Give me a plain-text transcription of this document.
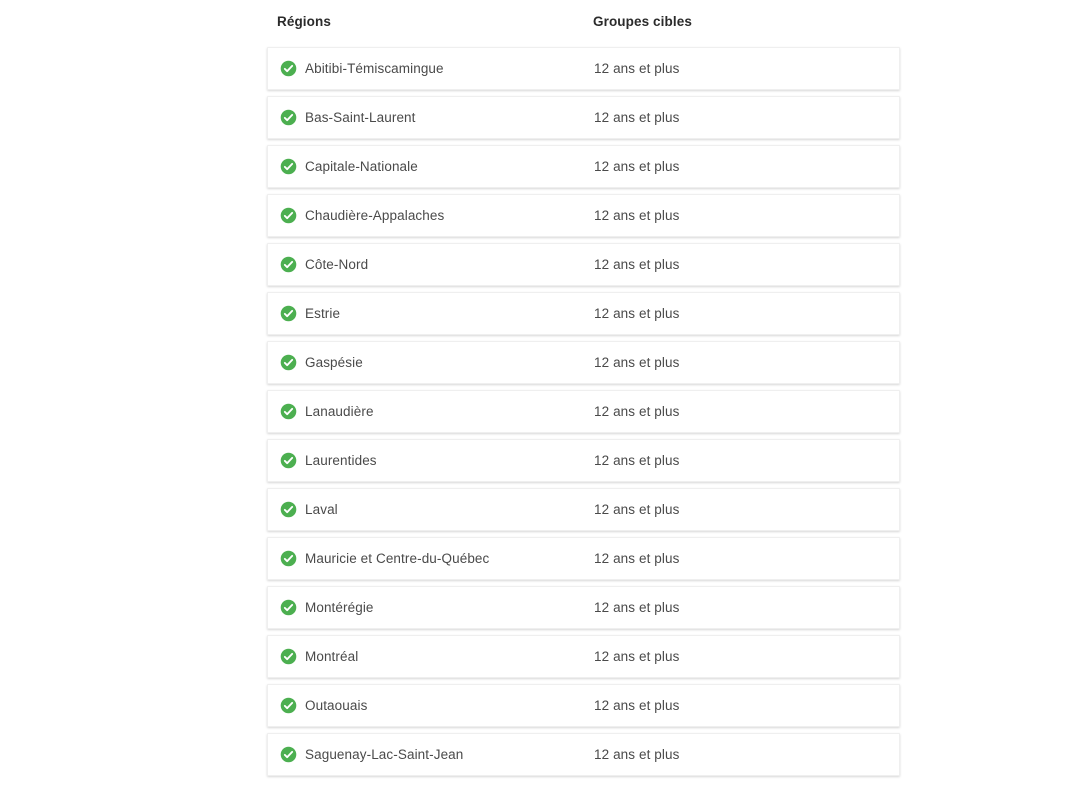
Régions	Groupes cibles
Abitibi-Témiscamingue	12 ans et plus
Bas-Saint-Laurent	12 ans et plus
Capitale-Nationale	12 ans et plus
Chaudière-Appalaches	12 ans et plus
Côte-Nord	12 ans et plus
Estrie	12 ans et plus
Gaspésie	12 ans et plus
Lanaudière	12 ans et plus
Laurentides	12 ans et plus
Laval	12 ans et plus
Mauricie et Centre-du-Québec	12 ans et plus
Montérégie	12 ans et plus
Montréal	12 ans et plus
Outaouais	12 ans et plus
Saguenay-Lac-Saint-Jean	12 ans et plus
